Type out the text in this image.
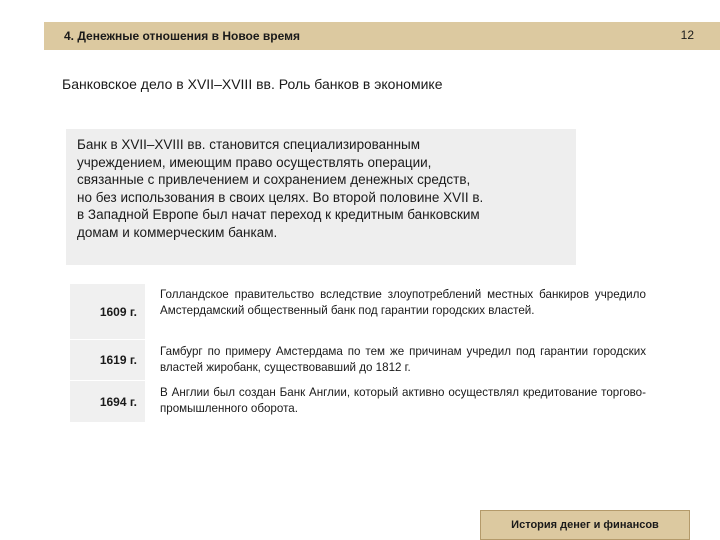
4. Денежные отношения в Новое время	12
Банковское дело в XVII–XVIII вв. Роль банков в экономике
Банк в XVII–XVIII вв. становится специализированным
учреждением, имеющим право осуществлять операции,
связанные с привлечением и сохранением денежных средств,
но без использования в своих целях. Во второй половине XVII в.
в Западной Европе был начат переход к кредитным банковским
домам и коммерческим банкам.
1609 г.
Голландское правительство вследствие злоупотреблений местных банкиров учредило Амстердамский общественный банк под гарантии городских властей.
1619 г.
Гамбург по примеру Амстердама по тем же причинам учредил под гарантии городских властей жиробанк, существовавший до 1812 г.
1694 г.
В Англии был создан Банк Англии, который активно осуществлял кредитование торгово-промышленного оборота.
История денег и финансов
